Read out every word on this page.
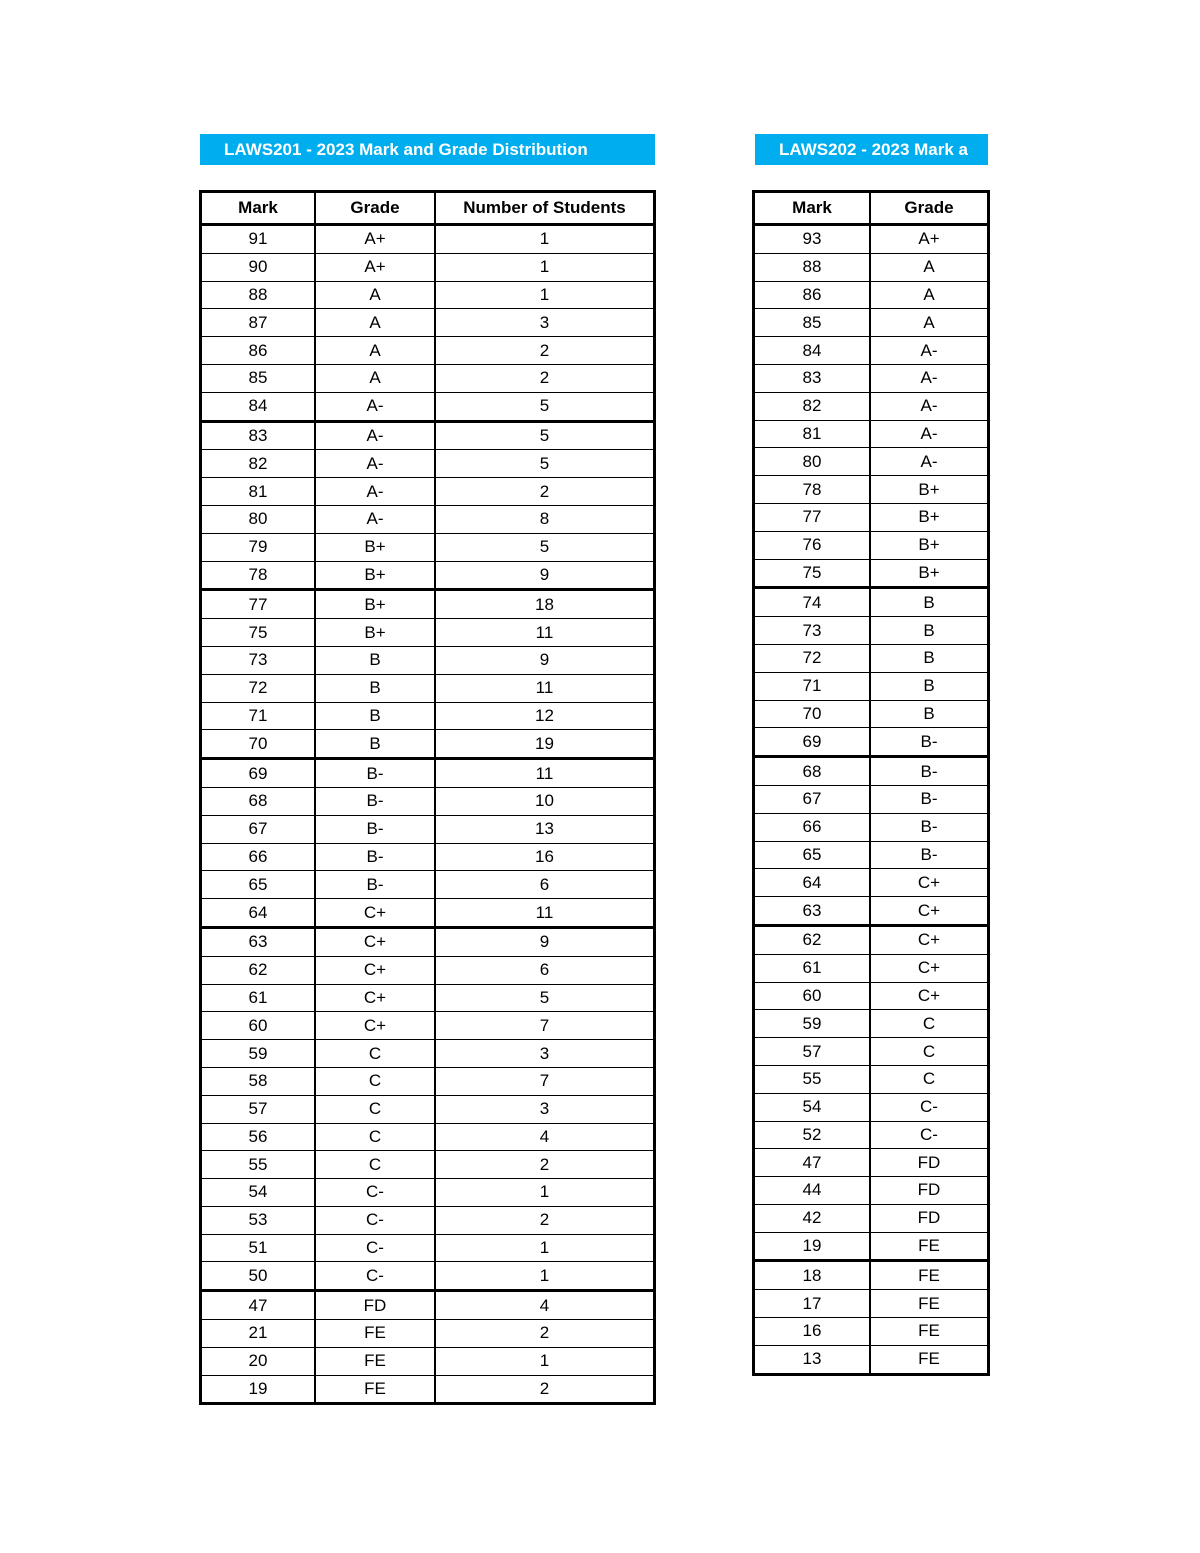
LAWS201 - 2023 Mark and Grade Distribution	LAWS202 - 2023 Mark a
Mark	Grade	Number of Students
91	A+	1
90	A+	1
88	A	1
87	A	3
86	A	2
85	A	2
84	A-	5
83	A-	5
82	A-	5
81	A-	2
80	A-	8
79	B+	5
78	B+	9
77	B+	18
75	B+	11
73	B	9
72	B	11
71	B	12
70	B	19
69	B-	11
68	B-	10
67	B-	13
66	B-	16
65	B-	6
64	C+	11
63	C+	9
62	C+	6
61	C+	5
60	C+	7
59	C	3
58	C	7
57	C	3
56	C	4
55	C	2
54	C-	1
53	C-	2
51	C-	1
50	C-	1
47	FD	4
21	FE	2
20	FE	1
19	FE	2
Mark	Grade
93	A+
88	A
86	A
85	A
84	A-
83	A-
82	A-
81	A-
80	A-
78	B+
77	B+
76	B+
75	B+
74	B
73	B
72	B
71	B
70	B
69	B-
68	B-
67	B-
66	B-
65	B-
64	C+
63	C+
62	C+
61	C+
60	C+
59	C
57	C
55	C
54	C-
52	C-
47	FD
44	FD
42	FD
19	FE
18	FE
17	FE
16	FE
13	FE
